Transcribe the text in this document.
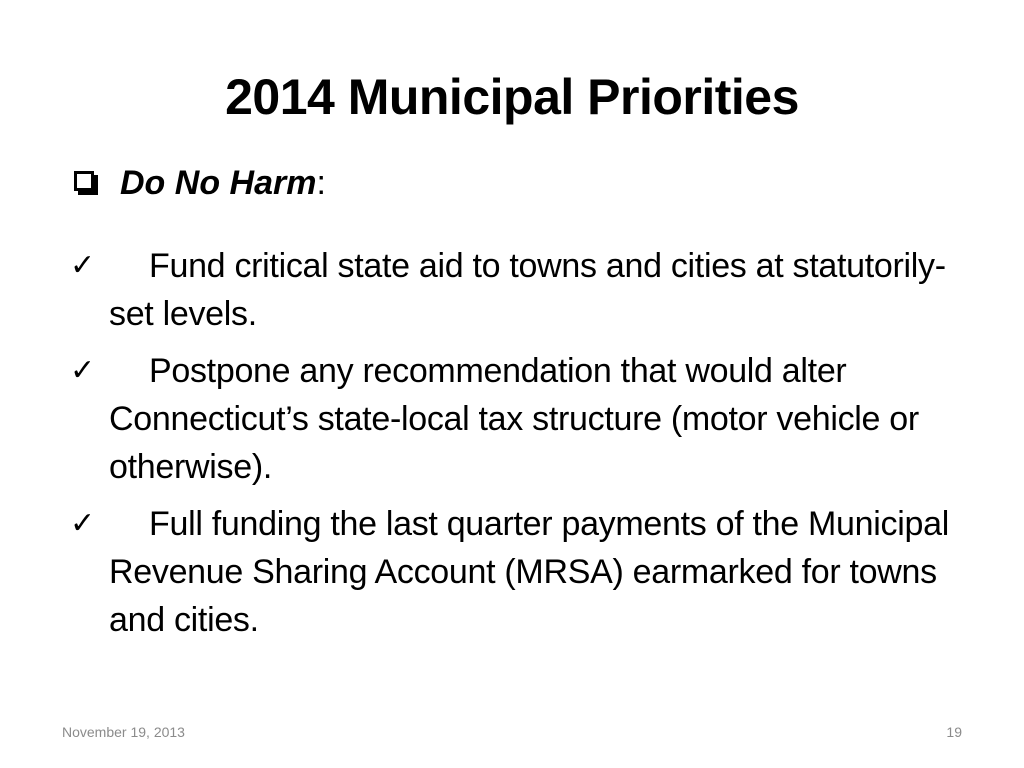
2014 Municipal Priorities
Do No Harm :
✓	Fund critical state aid to towns and cities at statutorily-set levels.
✓	Postpone any recommendation that would alter Connecticut’s state-local tax structure (motor vehicle or otherwise).
✓	Full funding the last quarter payments of the Municipal Revenue Sharing Account (MRSA) earmarked for towns and cities.
November 19, 2013	19
